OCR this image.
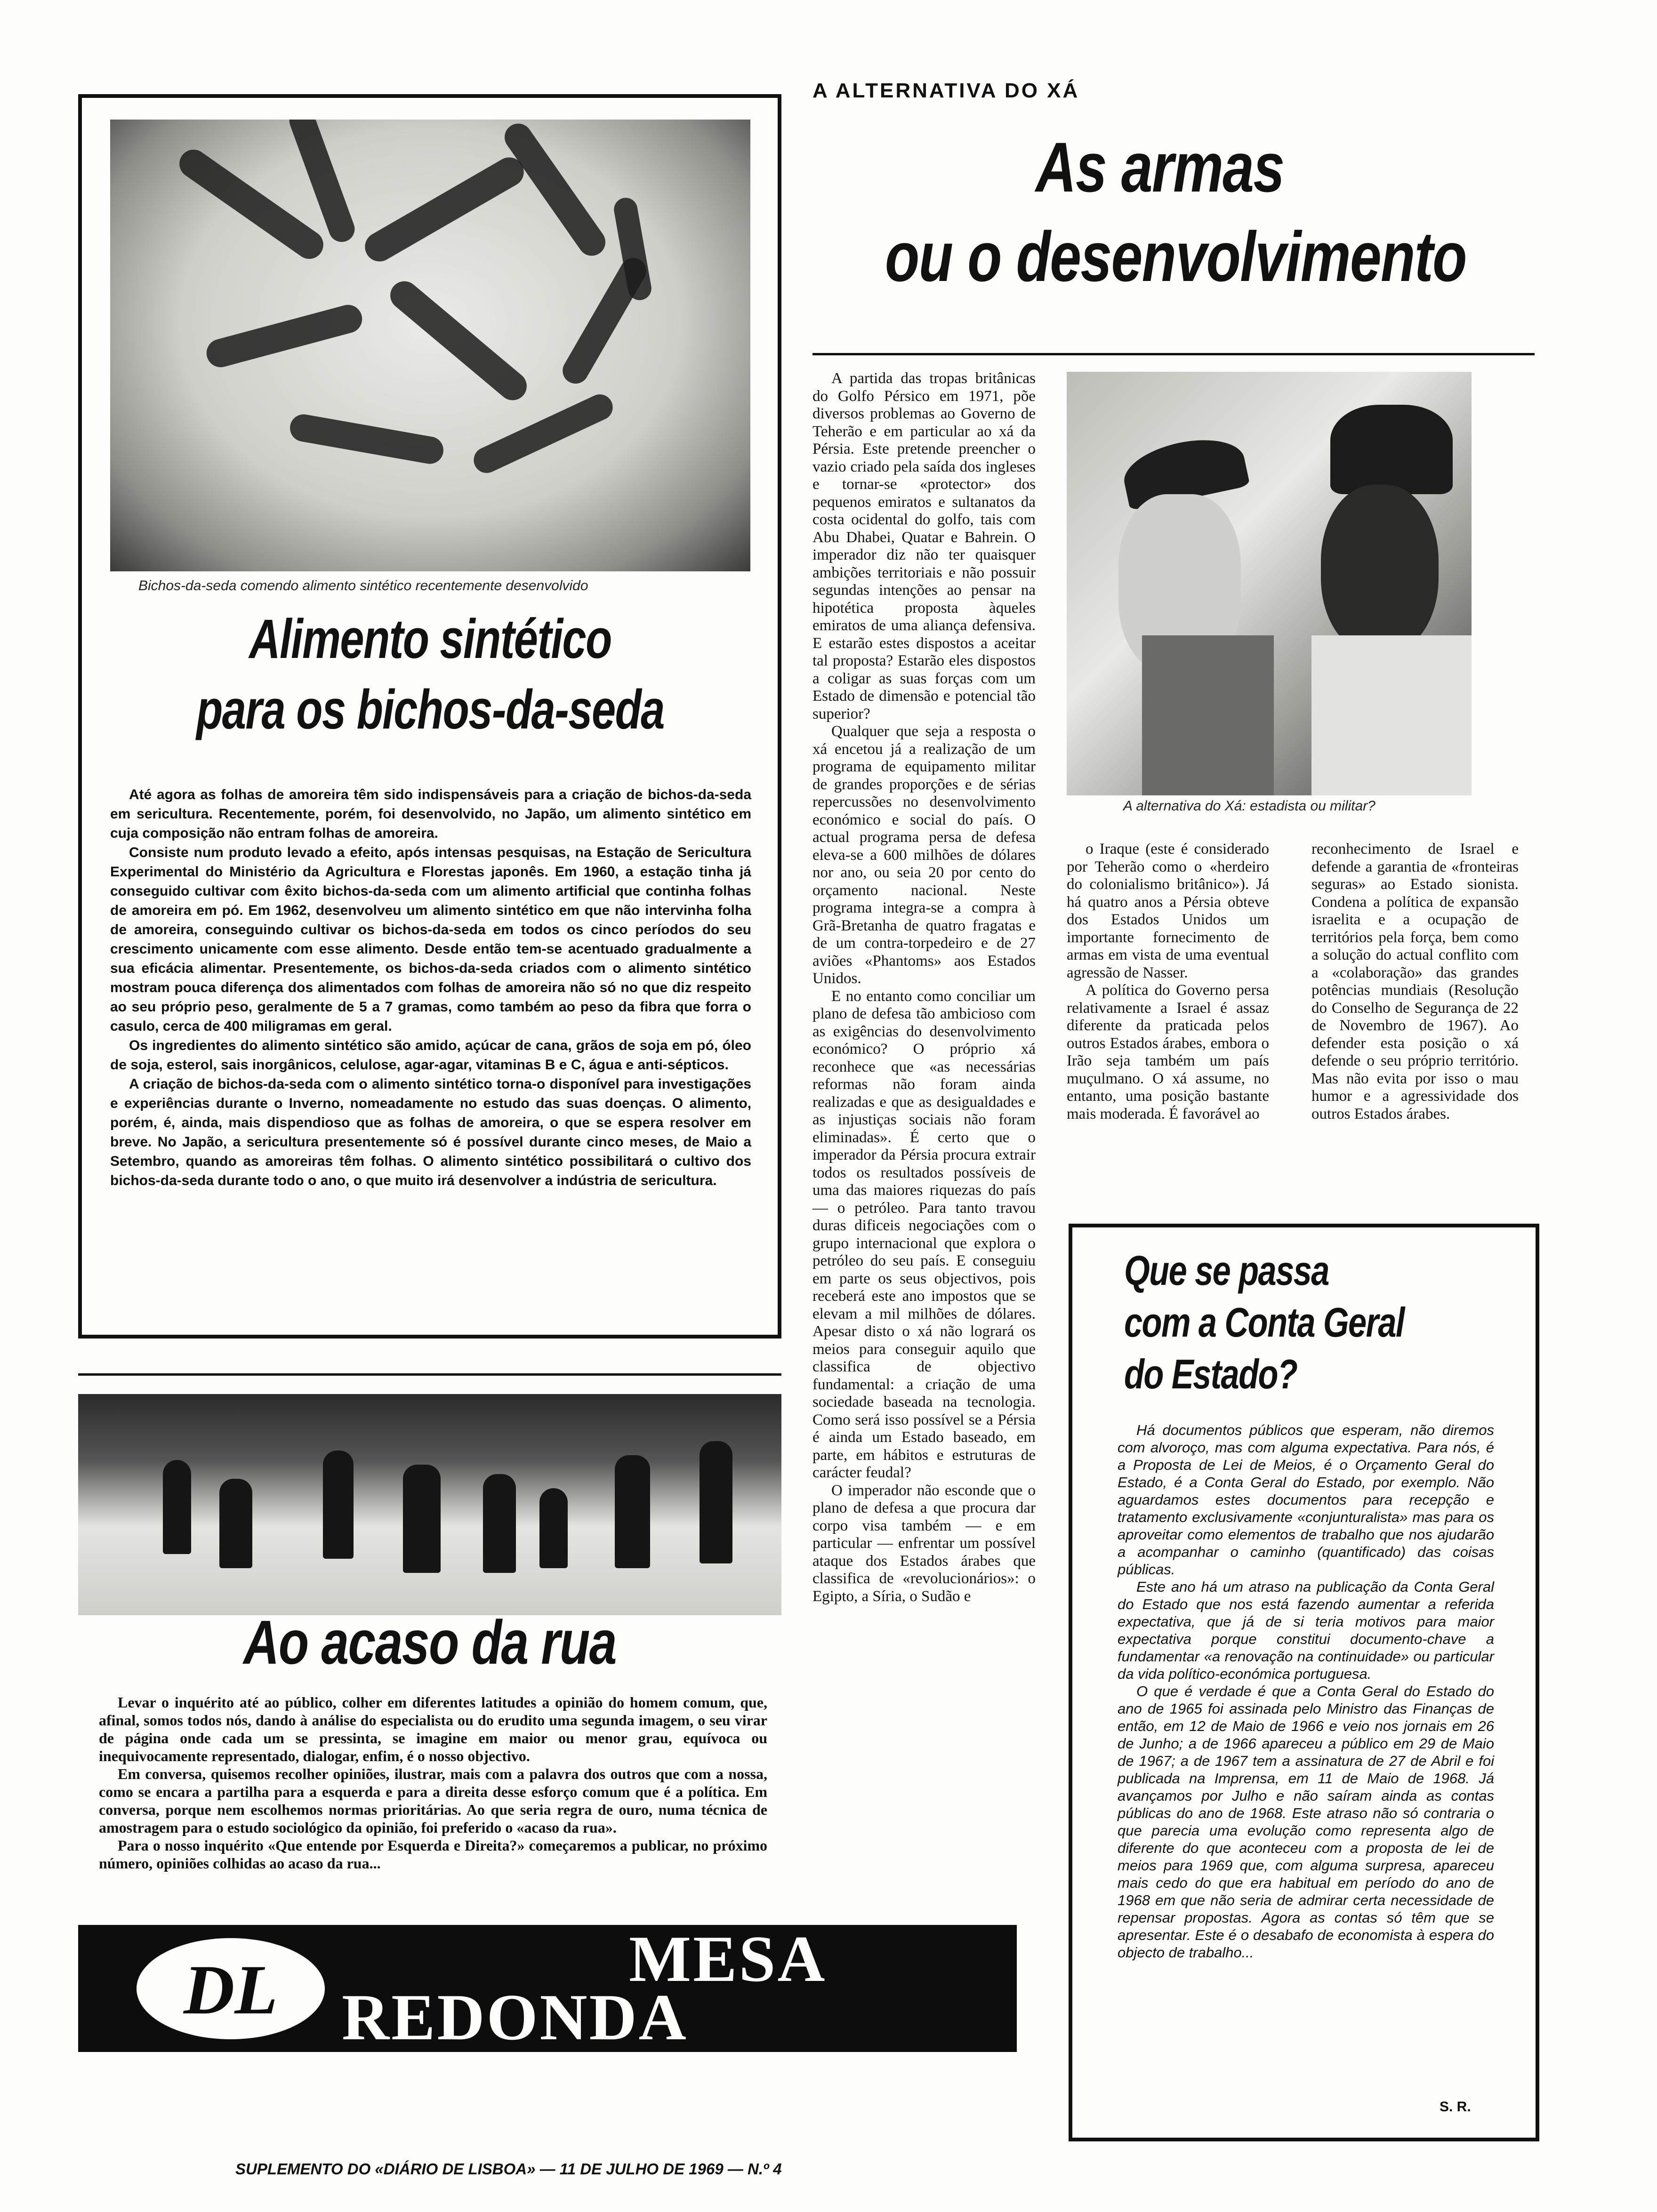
Bichos-da-seda comendo alimento sintético recentemente desenvolvido
Alimento sintético
para os bichos-da-seda

Até agora as folhas de amoreira têm sido indispensáveis para a criação de bichos-da-seda em sericultura. Recentemente, porém, foi desenvolvido, no Japão, um alimento sintético em cuja composição não entram folhas de amoreira.

Consiste num produto levado a efeito, após intensas pesquisas, na Estação de Sericultura Experimental do Ministério da Agricultura e Florestas japonês. Em 1960, a estação tinha já conseguido cultivar com êxito bichos-da-seda com um alimento artificial que continha folhas de amoreira em pó. Em 1962, desenvolveu um alimento sintético em que não intervinha folha de amoreira, conseguindo cultivar os bichos-da-seda em todos os cinco períodos do seu crescimento unicamente com esse alimento. Desde então tem-se acentuado gradualmente a sua eficácia alimentar. Presentemente, os bichos-da-seda criados com o alimento sintético mostram pouca diferença dos alimentados com folhas de amoreira não só no que diz respeito ao seu próprio peso, geralmente de 5 a 7 gramas, como também ao peso da fibra que forra o casulo, cerca de 400 miligramas em geral.

Os ingredientes do alimento sintético são amido, açúcar de cana, grãos de soja em pó, óleo de soja, esterol, sais inorgânicos, celulose, agar-agar, vitaminas B e C, água e anti-sépticos.

A criação de bichos-da-seda com o alimento sintético torna-o disponível para investigações e experiências durante o Inverno, nomeadamente no estudo das suas doenças. O alimento, porém, é, ainda, mais dispendioso que as folhas de amoreira, o que se espera resolver em breve. No Japão, a sericultura presentemente só é possível durante cinco meses, de Maio a Setembro, quando as amoreiras têm folhas. O alimento sintético possibilitará o cultivo dos bichos-da-seda durante todo o ano, o que muito irá desenvolver a indústria de sericultura.

Ao acaso da rua

Levar o inquérito até ao público, colher em diferentes latitudes a opinião do homem comum, que, afinal, somos todos nós, dando à análise do especialista ou do erudito uma segunda imagem, o seu virar de página onde cada um se pressinta, se imagine em maior ou menor grau, equívoca ou inequivocamente representado, dialogar, enfim, é o nosso objectivo.

Em conversa, quisemos recolher opiniões, ilustrar, mais com a palavra dos outros que com a nossa, como se encara a partilha para a esquerda e para a direita desse esforço comum que é a política. Em conversa, porque nem escolhemos normas prioritárias. Ao que seria regra de ouro, numa técnica de amostragem para o estudo sociológico da opinião, foi preferido o «acaso da rua».

Para o nosso inquérito «Que entende por Esquerda e Direita?» começaremos a publicar, no próximo número, opiniões colhidas ao acaso da rua...

DL	MESA
REDONDA
SUPLEMENTO DO «DIÁRIO DE LISBOA» — 11 DE JULHO DE 1969 — N.º 4
A ALTERNATIVA DO XÁ
As armas
ou o desenvolvimento

A partida das tropas britânicas do Golfo Pérsico em 1971, põe diversos problemas ao Governo de Teherão e em particular ao xá da Pérsia. Este pretende preencher o vazio criado pela saída dos ingleses e tornar-se «protector» dos pequenos emiratos e sultanatos da costa ocidental do golfo, tais com Abu Dhabei, Quatar e Bahrein. O imperador diz não ter quaisquer ambições territoriais e não possuir segundas intenções ao pensar na hipotética proposta àqueles emiratos de uma aliança defensiva. E estarão estes dispostos a aceitar tal proposta? Estarão eles dispostos a coligar as suas forças com um Estado de dimensão e potencial tão superior?

Qualquer que seja a resposta o xá encetou já a realização de um programa de equipamento militar de grandes proporções e de sérias repercussões no desenvolvimento económico e social do país. O actual programa persa de defesa eleva-se a 600 milhões de dólares nor ano, ou seia 20 por cento do orçamento nacional. Neste programa integra-se a compra à Grã-Bretanha de quatro fragatas e de um contra-torpedeiro e de 27 aviões «Phantoms» aos Estados Unidos.

E no entanto como conciliar um plano de defesa tão ambicioso com as exigências do desenvolvimento económico? O próprio xá reconhece que «as necessárias reformas não foram ainda realizadas e que as desigualdades e as injustiças sociais não foram eliminadas». É certo que o imperador da Pérsia procura extrair todos os resultados possíveis de uma das maiores riquezas do país — o petróleo. Para tanto travou duras dificeis negociações com o grupo internacional que explora o petróleo do seu país. E conseguiu em parte os seus objectivos, pois receberá este ano impostos que se elevam a mil milhões de dólares. Apesar disto o xá não logrará os meios para conseguir aquilo que classifica de objectivo fundamental: a criação de uma sociedade baseada na tecnologia. Como será isso possível se a Pérsia é ainda um Estado baseado, em parte, em hábitos e estruturas de carácter feudal?

O imperador não esconde que o plano de defesa a que procura dar corpo visa também — e em particular — enfrentar um possível ataque dos Estados árabes que classifica de «revolucionários»: o Egipto, a Síria, o Sudão e

A alternativa do Xá: estadista ou militar?

o Iraque (este é considerado por Teherão como o «herdeiro do colonialismo britânico»). Já há quatro anos a Pérsia obteve dos Estados Unidos um importante fornecimento de armas em vista de uma eventual agressão de Nasser.

A política do Governo persa relativamente a Israel é assaz diferente da praticada pelos outros Estados árabes, embora o Irão seja também um país muçulmano. O xá assume, no entanto, uma posição bastante mais moderada. É favorável ao

reconhecimento de Israel e defende a garantia de «fronteiras seguras» ao Estado sionista. Condena a política de expansão israelita e a ocupação de territórios pela força, bem como a solução do actual conflito com a «colaboração» das grandes potências mundiais (Resolução do Conselho de Segurança de 22 de Novembro de 1967). Ao defender esta posição o xá defende o seu próprio território. Mas não evita por isso o mau humor e a agressividade dos outros Estados árabes.

Que se passa
com a Conta Geral
do Estado?

Há documentos públicos que esperam, não diremos com alvoroço, mas com alguma expectativa. Para nós, é a Proposta de Lei de Meios, é o Orçamento Geral do Estado, é a Conta Geral do Estado, por exemplo. Não aguardamos estes documentos para recepção e tratamento exclusivamente «conjunturalista» mas para os aproveitar como elementos de trabalho que nos ajudarão a acompanhar o caminho (quantificado) das coisas públicas.

Este ano há um atraso na publicação da Conta Geral do Estado que nos está fazendo aumentar a referida expectativa, que já de si teria motivos para maior expectativa porque constitui documento-chave a fundamentar «a renovação na continuidade» ou particular da vida político-económica portuguesa.

O que é verdade é que a Conta Geral do Estado do ano de 1965 foi assinada pelo Ministro das Finanças de então, em 12 de Maio de 1966 e veio nos jornais em 26 de Junho; a de 1966 apareceu a público em 29 de Maio de 1967; a de 1967 tem a assinatura de 27 de Abril e foi publicada na Imprensa, em 11 de Maio de 1968. Já avançamos por Julho e não saíram ainda as contas públicas do ano de 1968. Este atraso não só contraria o que parecia uma evolução como representa algo de diferente do que aconteceu com a proposta de lei de meios para 1969 que, com alguma surpresa, apareceu mais cedo do que era habitual em período do ano de 1968 em que não seria de admirar certa necessidade de repensar propostas. Agora as contas só têm que se apresentar. Este é o desabafo de economista à espera do objecto de trabalho...

S. R.
